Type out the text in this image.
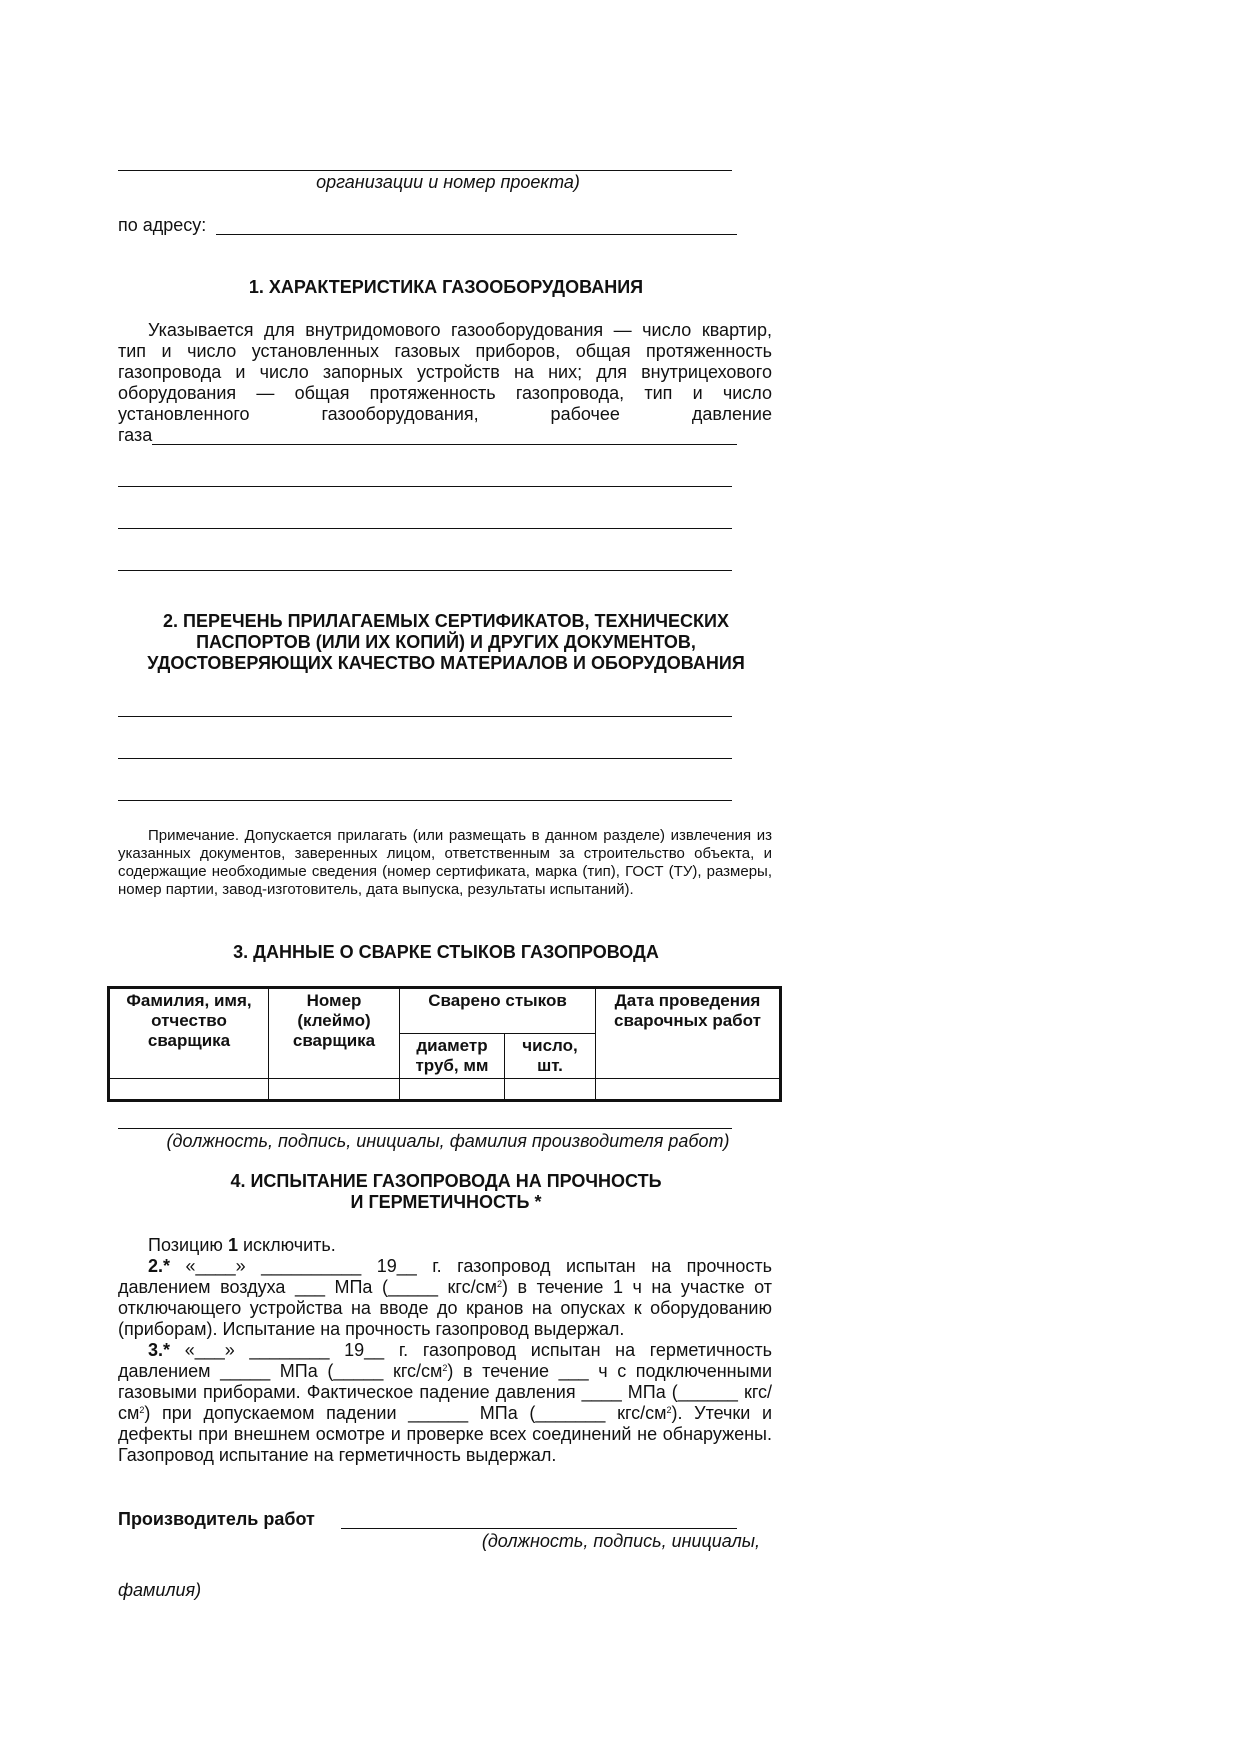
организации и номер проекта)
по адресу:
1. ХАРАКТЕРИСТИКА ГАЗООБОРУДОВАНИЯ

Указывается для внутридомового газооборудования — число квартир, тип и число установленных газовых приборов, общая протяженность газопровода и число запорных устройств на них; для внутрицехового оборудования — общая протяженность газопровода, тип и число установленного газооборудования, рабочее давление

газа
2. ПЕРЕЧЕНЬ ПРИЛАГАЕМЫХ СЕРТИФИКАТОВ, ТЕХНИЧЕСКИХ
ПАСПОРТОВ (ИЛИ ИХ КОПИЙ) И ДРУГИХ ДОКУМЕНТОВ,
УДОСТОВЕРЯЮЩИХ КАЧЕСТВО МАТЕРИАЛОВ И ОБОРУДОВАНИЯ

Примечание. Допускается прилагать (или размещать в данном разделе) извлечения из указанных документов, заверенных лицом, ответственным за строительство объекта, и содержащие необходимые сведения (номер сертификата, марка (тип), ГОСТ (ТУ), размеры, номер партии, завод-изготовитель, дата выпуска, результаты испытаний).

3. ДАННЫЕ О СВАРКЕ СТЫКОВ ГАЗОПРОВОДА
Фамилия, имя, отчество сварщика	Номер (клеймо) сварщика	Сварено стыков		Дата проведения сварочных работ
		диаметр труб, мм	число, шт.	

(должность, подпись, инициалы, фамилия производителя работ)
4. ИСПЫТАНИЕ ГАЗОПРОВОДА НА ПРОЧНОСТЬ
И ГЕРМЕТИЧНОСТЬ *

Позицию 1 исключить.

2.* «____» __________ 19__ г. газопровод испытан на прочность давлением воздуха ___ МПа (_____ кгс/$см^2$) в течение 1 ч на участке от отключающего устройства на вводе до кранов на опусках к оборудованию (приборам). Испытание на прочность газопровод выдержал.

3.* «___» ________ 19__ г. газопровод испытан на герметичность давлением _____ МПа (_____ кгс/$см^2$) в течение ___ ч с подключенными газовыми приборами. Фактическое падение давления ____ МПа (______ кгс/$см^2$) при допускаемом падении ______ МПа (_______ кгс/$см^2$). Утечки и дефекты при внешнем осмотре и проверке всех соединений не обнаружены. Газопровод испытание на герметичность выдержал.

Производитель работ
(должность, подпись, инициалы,
фамилия)
